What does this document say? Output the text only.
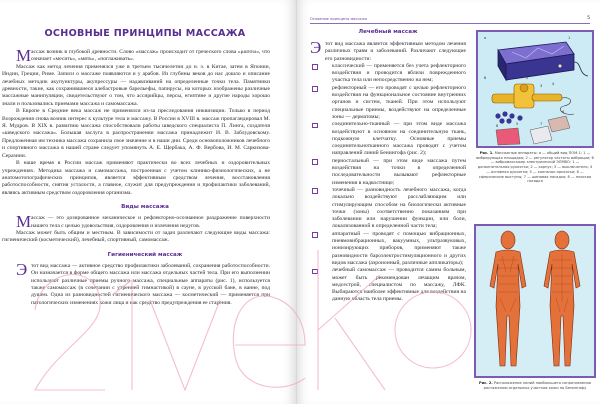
ОСНОВНЫЕ ПРИНЦИПЫ МАССАЖА

М ассаж возник в глубокой древности. Слово «массаж» происходит от греческого слова «μασσω», что означает «месить», «мять», «поглаживать».

Массаж как метод лечения применялся уже в третьем тысячелетии до н. э. в Китае, затем в Японии, Индии, Греции, Риме. Записи о массаже появляются и у арабов. Из глубины веков до нас дошло и описание лечебных методик акупунктуры, акупрессуры — надавливаний на определенные точки тела. Памятники древности, такие, как сохранившиеся алебастровые барельефы, папирусы, на которых изображены различные массажные манипуляции, свидетельствуют о том, что ассирийцы, персы, египтяне и другие народы хорошо знали и пользовались приемами массажа и самомассажа.

В Европе в Средние века массаж не применялся из-за преследования инквизиции. Только в период Возрождения снова возник интерес к культуре тела и массажу. В России в XVIII в. массаж пропагандировал М. Я. Мудров. В XIX в. развитию массажа способствовали работы шведского специалиста П. Линга, создателя «шведского массажа». Большая заслуга в распространении массажа принадлежит И. В. Заблудовскому. Предложенная им техника массажа сохранила свое значение и в наши дни. Среди основоположников лечебного и спортивного массажа в нашей стране следует упомянуть А. Е. Щербака, А. Ф. Вербова, И. М. Саркизова-Серазини.

В наше время в России массаж применяют практически во всех лечебных и оздоровительных учреждениях. Методика массажа и самомассажа, построенная с учетом клинико-физиологических, а не анатомотопографических принципов, является эффективным средством лечения, восстановления работоспособности, снятия усталости, а главное, служит для предупреждения и профилактики заболеваний, являясь активным средством оздоровления организма.

Виды массажа

М ассаж — это дозированное механическое и рефлекторно-осознанное раздражение поверхности нашего тела с целью удовольствия, оздоровления и излечения недугов.

Массаж может быть общим и местным. В зависимости от задач различают следующие виды массажа: гигиенический (косметический), лечебный, спортивный, самомассаж.

Гигиенический массаж

Э тот вид массажа — активное средство профилактики заболеваний, сохранения работоспособности. Он назначается в форме общего массажа или массажа отдельных частей тела. При его выполнении используют различные приемы ручного массажа, специальные аппараты (рис. 1), используется также самомассаж (в сочетании с утренней гимнастикой) в сауне, в русской бане, в ванне, под душем. Одна из разновидностей гигиенического массажа — косметический — применяется при патологических изменениях кожи лица и как средство предупреждения ее старения.

Основные принципы массажа	5
Лечебный массаж

Э тот вид массажа является эффективным методом лечения различных травм и заболеваний. Различают следующие его разновидности:

классический — применяется без учета рефлекторного воздействия и проводится вблизи поврежденного участка тела или непосредственно на нем;
рефлекторный — его проводят с целью рефлекторного воздействия на функциональное состояние внутренних органов и систем, тканей. При этом используют специальные приемы, воздействуют на определенные зоны — дерматомы;
соединительно-тканный — при этом виде массажа воздействуют в основном на соединительную ткань, подкожную клетчатку. Основные приемы соединительнотканного массажа проводят с учетом направлений линий Бенингофа (рис. 2);
периостальный — при этом виде массажа путем воздействия на точки в определенной последовательности вызывают рефлекторные изменения в надкостнице;
точечный — разновидность лечебного массажа, когда локально воздействуют расслабляющим или стимулирующим способом на биологически активные точки (зоны) соответственно показаниям при заболевании или нарушении функции, или боли, локализованной в определенной части тела;
аппаратный — проводят с помощью вибрационных, пневмовибрационных, вакуумных, ультразвуковых, ионизирующих приборов, применяют также разновидности бароэлектростимуляционного и других видов массажа (аэроионный, различные аппликаторы);
лечебный самомассаж — проводится самим больным, может быть рекомендован лечащим врачом, медсестрой, специалистом по массажу, ЛФК. Выбираются наиболее эффективные для воздействия на данную область тела приемы.
а
б
1
2
3	4
5
6
7
8
Рис. 1. Массажные аппараты: а — общий вид ПОМ-1: 1 — вибрирующая площадка; 2 — регулятор частоты вибрации; б — вибромассажер электрический ЭЛМВО: 1 — дополнительная рукоятка; 2 — корпус; 3 — выключатель; 4 — основная рукоятка; 5 — колпачок-присоски; 6 — сферические выступы; 7 — шиповая насадка; 8 — плоская насадка
Рис. 2. Расположение линий наибольшего сопротивления растяжению отдельных участков кожи по Бенингофу
